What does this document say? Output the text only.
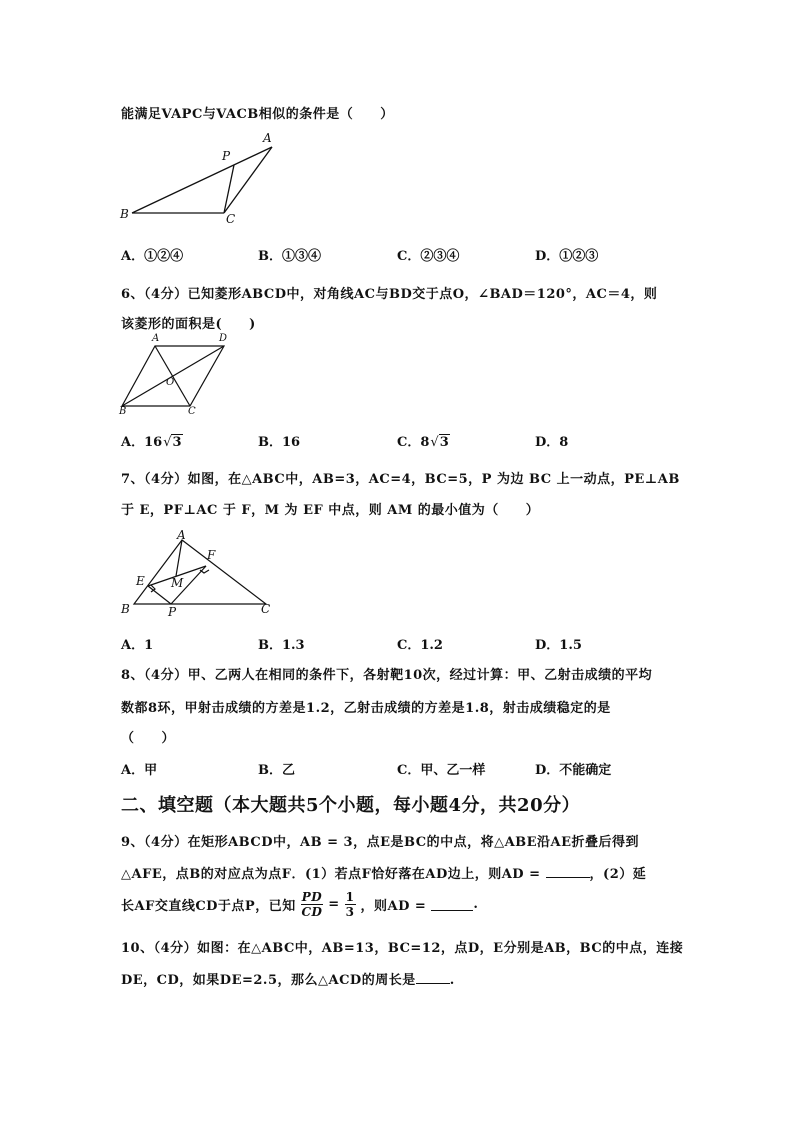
能满足VAPC与VACB相似的条件是（　　）
A
P
B	C
A．①②④	B．①③④	C．②③④	D．①②③
6、（4分）已知菱形ABCD中，对角线AC与BD交于点O，∠BAD＝120°，AC＝4，则
该菱形的面积是(　　)
A	D
O
B	C
A．16√3	B．16	C．8√3	D．8
7、（4分）如图，在△ABC中，AB=3，AC=4，BC=5，P 为边 BC 上一动点，PE⊥AB
于 E，PF⊥AC 于 F，M 为 EF 中点，则 AM 的最小值为（　　）
A
F
E M
B	P	C
A．1	B．1.3	C．1.2	D．1.5
8、（4分）甲、乙两人在相同的条件下，各射靶10次，经过计算：甲、乙射击成绩的平均
数都8环，甲射击成绩的方差是1.2，乙射击成绩的方差是1.8，射击成绩稳定的是
（　　）
A．甲	B．乙	C．甲、乙一样	D．不能确定
二、填空题（本大题共5个小题，每小题4分，共20分）
9、（4分）在矩形ABCD中，AB = 3，点E是BC的中点，将△ABE沿AE折叠后得到
△AFE，点B的对应点为点F．(1）若点F恰好落在AD边上，则AD =	，(2）延
长AF交直线CD于点P，已知 $\frac{PD}{CD} = \frac{1}{3}$ ，则AD =	.
10、（4分）如图：在△ABC中，AB=13，BC=12，点D，E分别是AB，BC的中点，连接
DE，CD，如果DE=2.5，那么△ACD的周长是	.
